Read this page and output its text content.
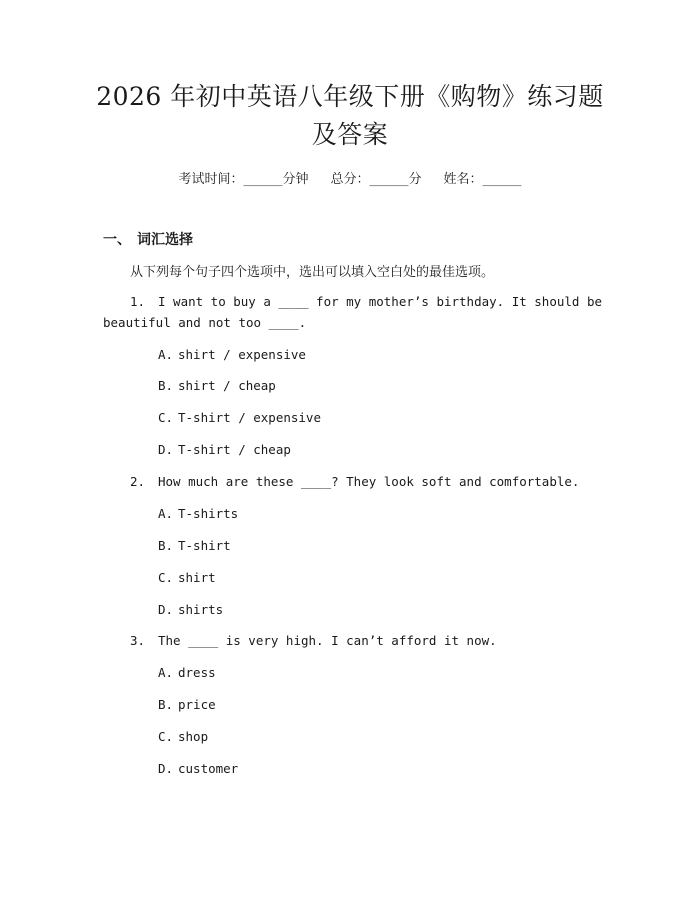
2026 年初中英语八年级下册《购物》练习题
及答案
考试时间：______分钟 总分：______分 姓名：______
一、 词汇选择
从下列每个句子四个选项中，选出可以填入空白处的最佳选项。
1. I want to buy a ____ for my mother’s birthday. It should be
beautiful and not too ____.
A. shirt / expensive
B. shirt / cheap
C. T-shirt / expensive
D. T-shirt / cheap
2. How much are these ____? They look soft and comfortable.
A. T-shirts
B. T-shirt
C. shirt
D. shirts
3. The ____ is very high. I can’t afford it now.
A. dress
B. price
C. shop
D. customer
